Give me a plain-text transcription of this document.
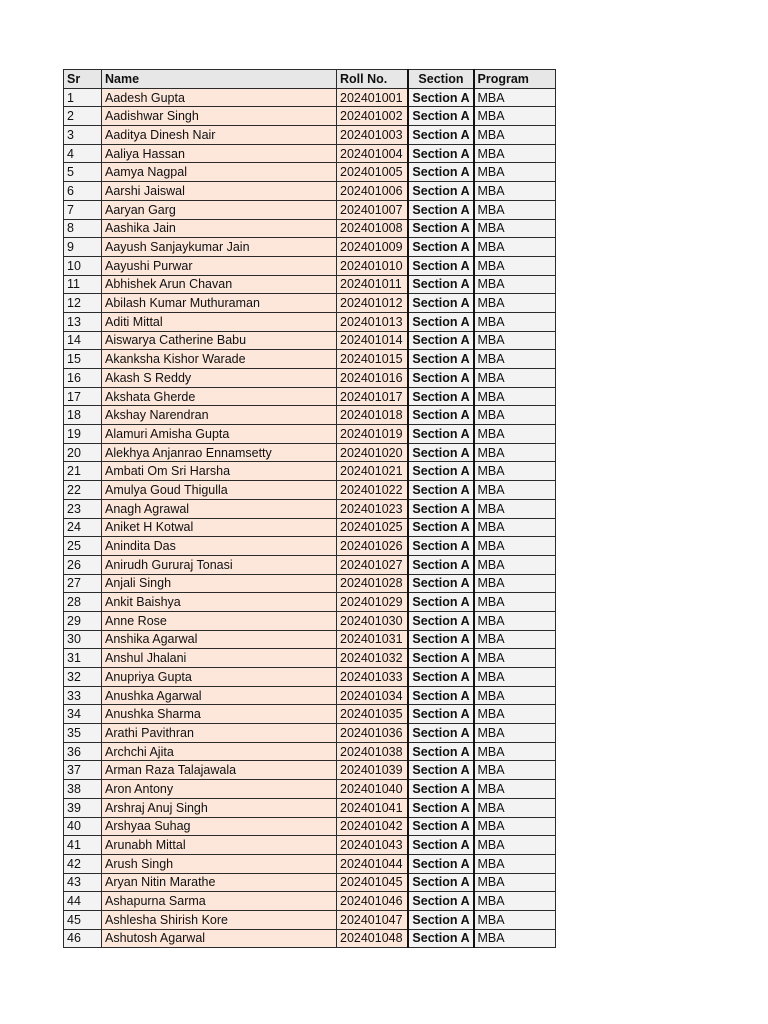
Sr	Name	Roll No.	Section	Program
1	Aadesh Gupta	202401001	Section A	MBA
2	Aadishwar Singh	202401002	Section A	MBA
3	Aaditya Dinesh Nair	202401003	Section A	MBA
4	Aaliya Hassan	202401004	Section A	MBA
5	Aamya Nagpal	202401005	Section A	MBA
6	Aarshi Jaiswal	202401006	Section A	MBA
7	Aaryan Garg	202401007	Section A	MBA
8	Aashika Jain	202401008	Section A	MBA
9	Aayush Sanjaykumar Jain	202401009	Section A	MBA
10	Aayushi Purwar	202401010	Section A	MBA
11	Abhishek Arun Chavan	202401011	Section A	MBA
12	Abilash Kumar Muthuraman	202401012	Section A	MBA
13	Aditi Mittal	202401013	Section A	MBA
14	Aiswarya Catherine Babu	202401014	Section A	MBA
15	Akanksha Kishor Warade	202401015	Section A	MBA
16	Akash S Reddy	202401016	Section A	MBA
17	Akshata Gherde	202401017	Section A	MBA
18	Akshay Narendran	202401018	Section A	MBA
19	Alamuri Amisha Gupta	202401019	Section A	MBA
20	Alekhya Anjanrao Ennamsetty	202401020	Section A	MBA
21	Ambati Om Sri Harsha	202401021	Section A	MBA
22	Amulya Goud Thigulla	202401022	Section A	MBA
23	Anagh Agrawal	202401023	Section A	MBA
24	Aniket H Kotwal	202401025	Section A	MBA
25	Anindita Das	202401026	Section A	MBA
26	Anirudh Gururaj Tonasi	202401027	Section A	MBA
27	Anjali Singh	202401028	Section A	MBA
28	Ankit Baishya	202401029	Section A	MBA
29	Anne Rose	202401030	Section A	MBA
30	Anshika Agarwal	202401031	Section A	MBA
31	Anshul Jhalani	202401032	Section A	MBA
32	Anupriya Gupta	202401033	Section A	MBA
33	Anushka Agarwal	202401034	Section A	MBA
34	Anushka Sharma	202401035	Section A	MBA
35	Arathi Pavithran	202401036	Section A	MBA
36	Archchi Ajita	202401038	Section A	MBA
37	Arman Raza Talajawala	202401039	Section A	MBA
38	Aron Antony	202401040	Section A	MBA
39	Arshraj Anuj Singh	202401041	Section A	MBA
40	Arshyaa Suhag	202401042	Section A	MBA
41	Arunabh Mittal	202401043	Section A	MBA
42	Arush Singh	202401044	Section A	MBA
43	Aryan Nitin Marathe	202401045	Section A	MBA
44	Ashapurna Sarma	202401046	Section A	MBA
45	Ashlesha Shirish Kore	202401047	Section A	MBA
46	Ashutosh Agarwal	202401048	Section A	MBA
